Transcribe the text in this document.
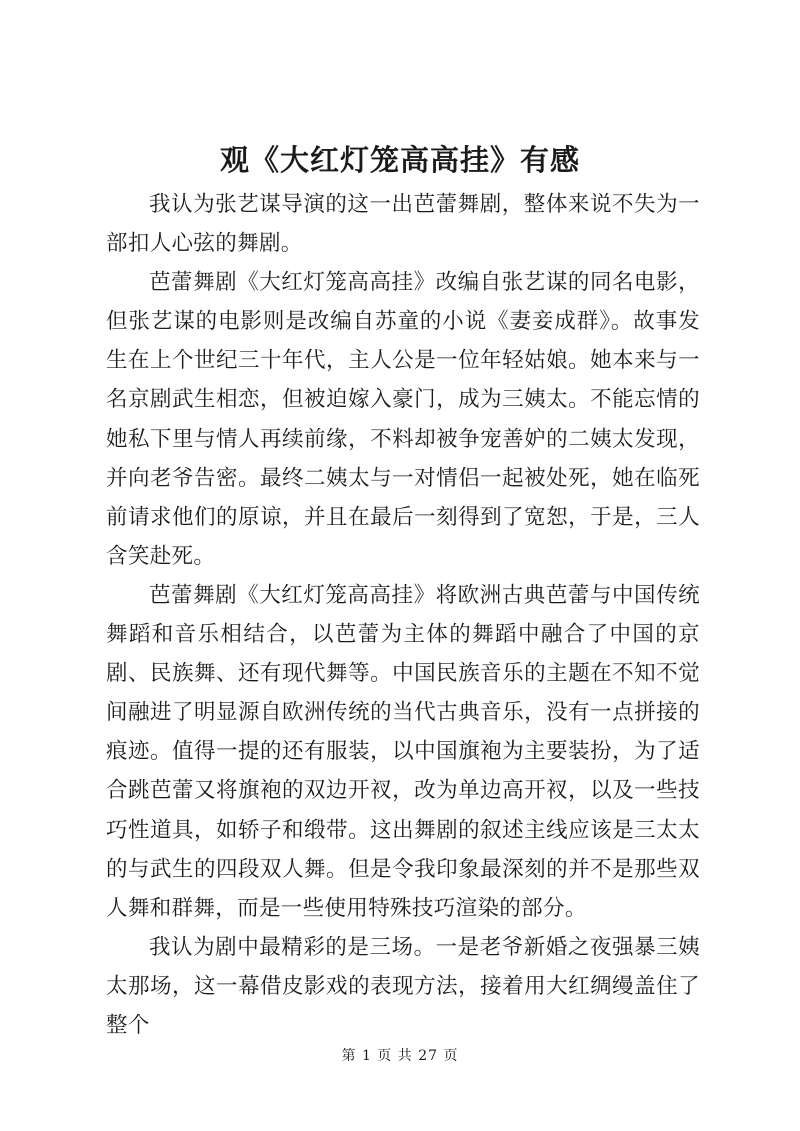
观《大红灯笼高高挂》有感

我认为张艺谋导演的这一出芭蕾舞剧，整体来说不失为一部扣人心弦的舞剧。

芭蕾舞剧《大红灯笼高高挂》改编自张艺谋的同名电影，但张艺谋的电影则是改编自苏童的小说《妻妾成群》。故事发生在上个世纪三十年代，主人公是一位年轻姑娘。她本来与一名京剧武生相恋，但被迫嫁入豪门，成为三姨太。不能忘情的她私下里与情人再续前缘，不料却被争宠善妒的二姨太发现，并向老爷告密。最终二姨太与一对情侣一起被处死，她在临死前请求他们的原谅，并且在最后一刻得到了宽恕，于是，三人含笑赴死。

芭蕾舞剧《大红灯笼高高挂》将欧洲古典芭蕾与中国传统舞蹈和音乐相结合，以芭蕾为主体的舞蹈中融合了中国的京剧、民族舞、还有现代舞等。中国民族音乐的主题在不知不觉间融进了明显源自欧洲传统的当代古典音乐，没有一点拼接的痕迹。值得一提的还有服装，以中国旗袍为主要装扮，为了适合跳芭蕾又将旗袍的双边开衩，改为单边高开衩，以及一些技巧性道具，如轿子和缎带。这出舞剧的叙述主线应该是三太太的与武生的四段双人舞。但是令我印象最深刻的并不是那些双人舞和群舞，而是一些使用特殊技巧渲染的部分。

我认为剧中最精彩的是三场。一是老爷新婚之夜强暴三姨太那场，这一幕借皮影戏的表现方法，接着用大红绸缦盖住了整个

第 1 页 共 27 页
